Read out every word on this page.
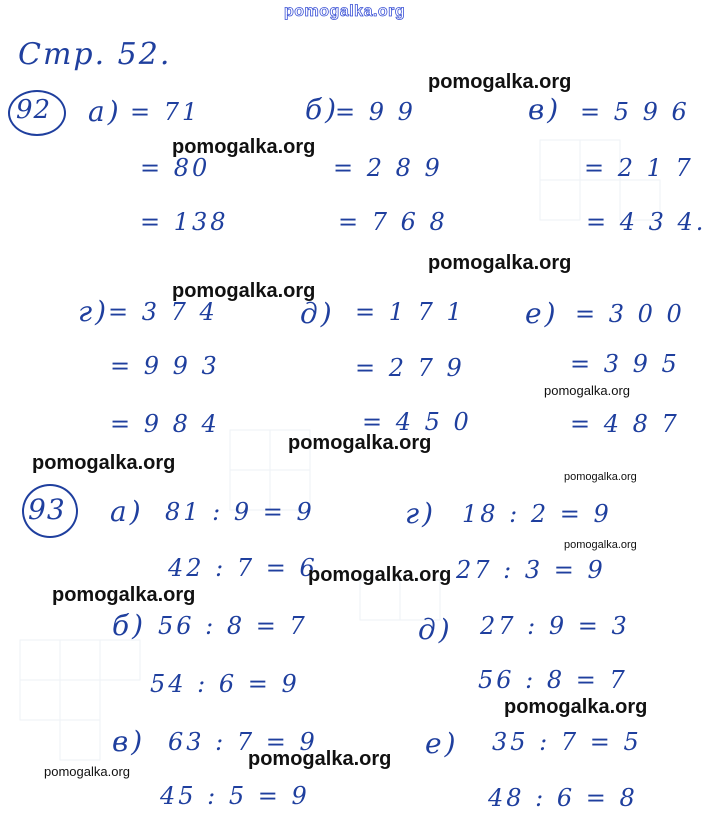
pomogalka.org
Стр. 52.
92 а) = 71
= 80
= 138
б)
= 9 9
= 2 8 9
= 7 6 8
в) = 5 9 6
= 2 1 7
= 4 3 4.
г)
= 3 7 4
= 9 9 3
= 9 8 4
д) = 1 7 1
= 2 7 9
= 4 5 0
е) = 3 0 0
= 3 9 5
= 4 8 7
93 а) 81 : 9 = 9
42 : 7 = 6
б) 56 : 8 = 7
54 : 6 = 9
в) 63 : 7 = 9
45 : 5 = 9
г) 18 : 2 = 9
27 : 3 = 9
д) 27 : 9 = 3
56 : 8 = 7
е) 35 : 7 = 5
48 : 6 = 8
pomogalka.org
pomogalka.org
pomogalka.org
pomogalka.org
pomogalka.org
pomogalka.org
pomogalka.org
pomogalka.org
pomogalka.org
pomogalka.org
pomogalka.org
pomogalka.org
pomogalka.org
pomogalka.org
